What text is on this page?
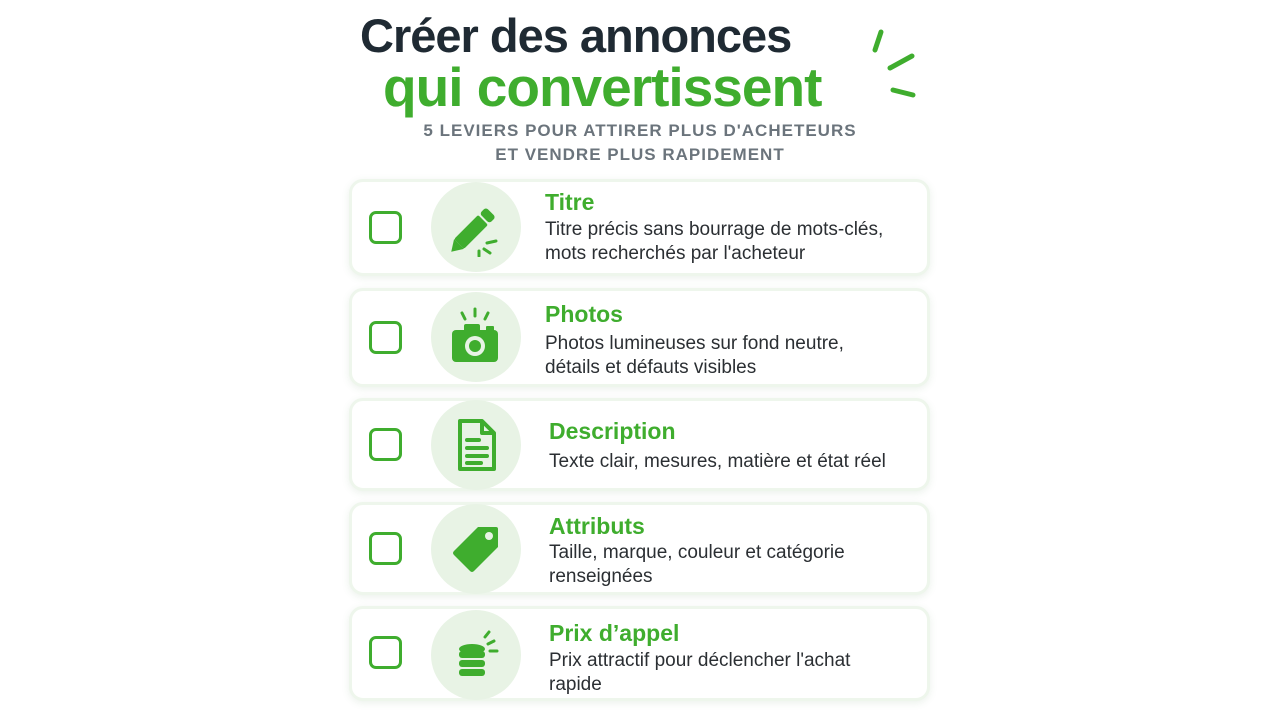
Créer des annonces
qui convertissent
5 LEVIERS POUR ATTIRER PLUS D'ACHETEURS
ET VENDRE PLUS RAPIDEMENT
Titre
Titre précis sans bourrage de mots-clés,
mots recherchés par l'acheteur
Photos
Photos lumineuses sur fond neutre,
détails et défauts visibles
Description
Texte clair, mesures, matière et état réel
Attributs
Taille, marque, couleur et catégorie
renseignées
Prix d’appel
Prix attractif pour déclencher l'achat
rapide
